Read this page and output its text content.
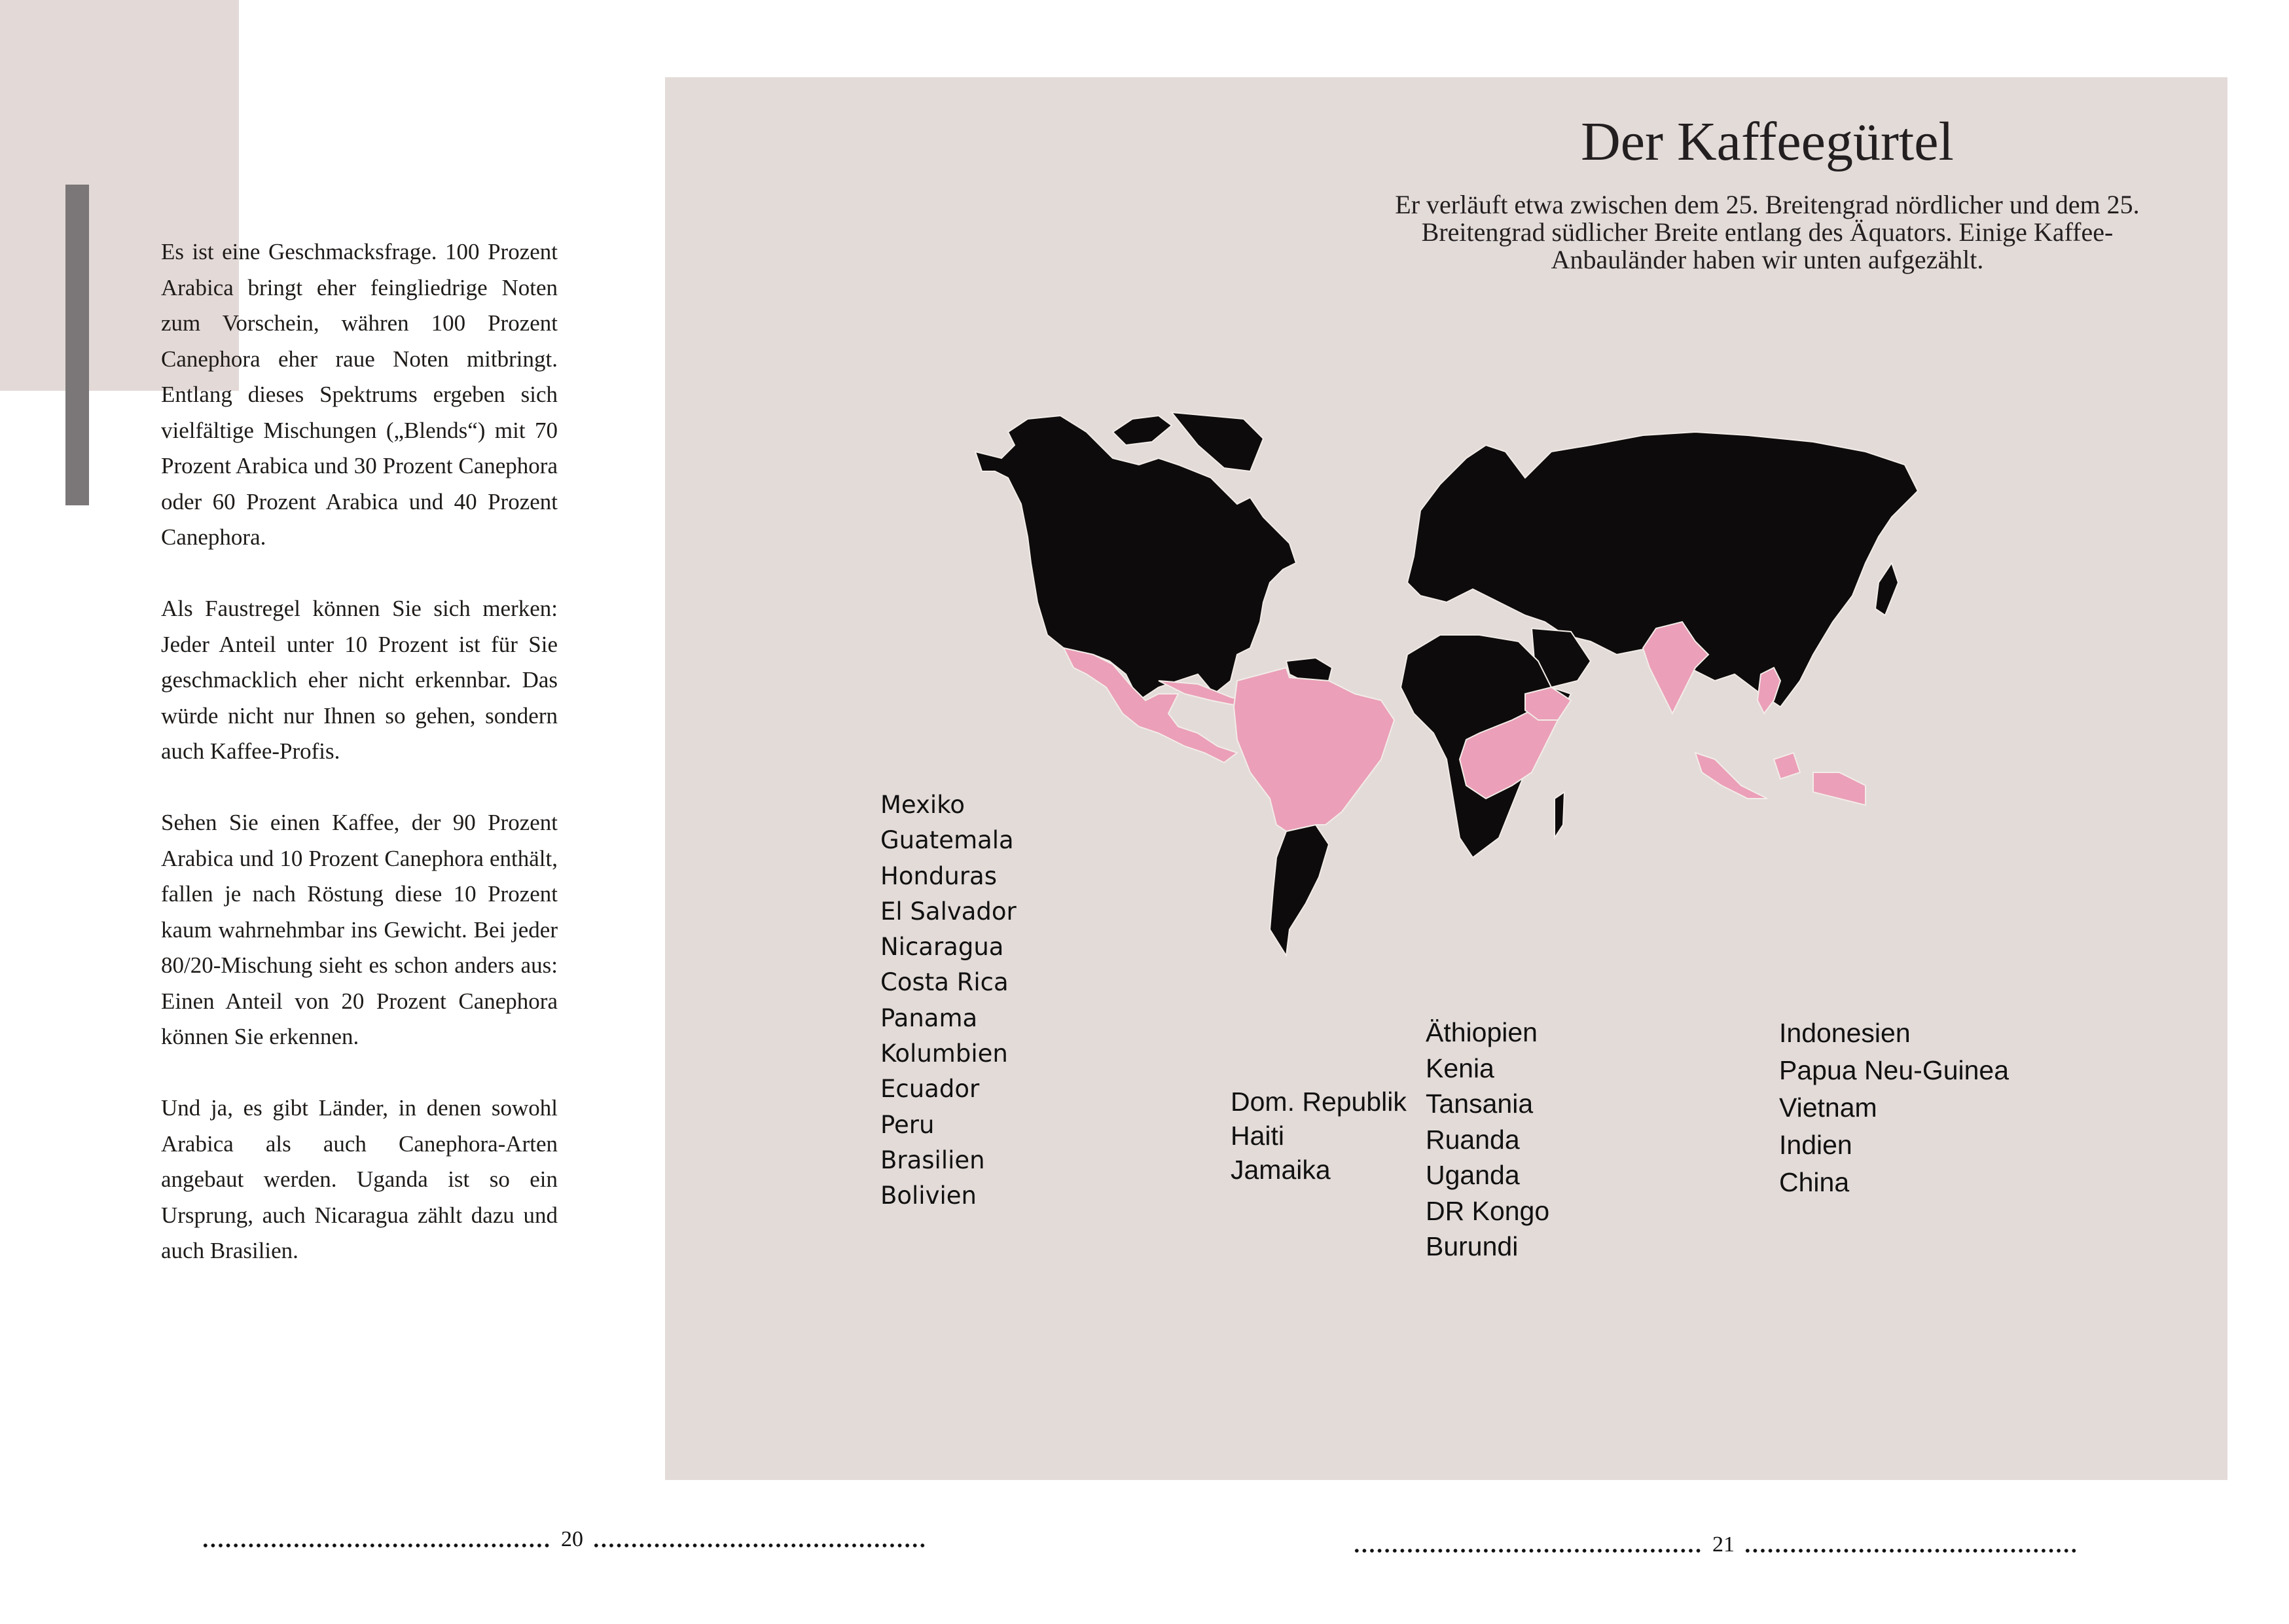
Es ist eine Geschmacksfrage. 100 Prozent Arabica bringt eher feingliedrige Noten zum Vorschein, währen 100 Prozent Canephora eher raue Noten mitbringt. Entlang dieses Spektrums ergeben sich vielfältige Mischungen („Blends“) mit 70 Prozent Arabica und 30 Prozent Canephora oder 60 Prozent Arabica und 40 Prozent Canephora.

Als Faustregel können Sie sich merken: Jeder Anteil unter 10 Prozent ist für Sie geschmacklich eher nicht erkennbar. Das würde nicht nur Ihnen so gehen, sondern auch Kaffee-Profis.

Sehen Sie einen Kaffee, der 90 Prozent Arabica und 10 Prozent Canephora enthält, fallen je nach Röstung diese 10 Prozent kaum wahrnehmbar ins Gewicht. Bei jeder 80/20-Mischung sieht es schon anders aus: Einen Anteil von 20 Prozent Canephora können Sie erkennen.

Und ja, es gibt Länder, in denen sowohl Arabica als auch Canephora-Arten angebaut werden. Uganda ist so ein Ursprung, auch Nicaragua zählt dazu und auch Brasilien.

Der Kaffeegürtel
Er verläuft etwa zwischen dem 25. Breitengrad nördlicher und dem 25.
Breitengrad südlicher Breite entlang des Äquators. Einige Kaffee-
Anbauländer haben wir unten aufgezählt.
Mexiko
Guatemala
Honduras
El Salvador
Nicaragua
Costa Rica
Panama
Kolumbien
Ecuador
Peru
Brasilien
Bolivien
Dom. Republik
Haiti
Jamaika
Äthiopien
Kenia
Tansania
Ruanda
Uganda
DR Kongo
Burundi
Indonesien
Papua Neu-Guinea
Vietnam
Indien
China
20	21
